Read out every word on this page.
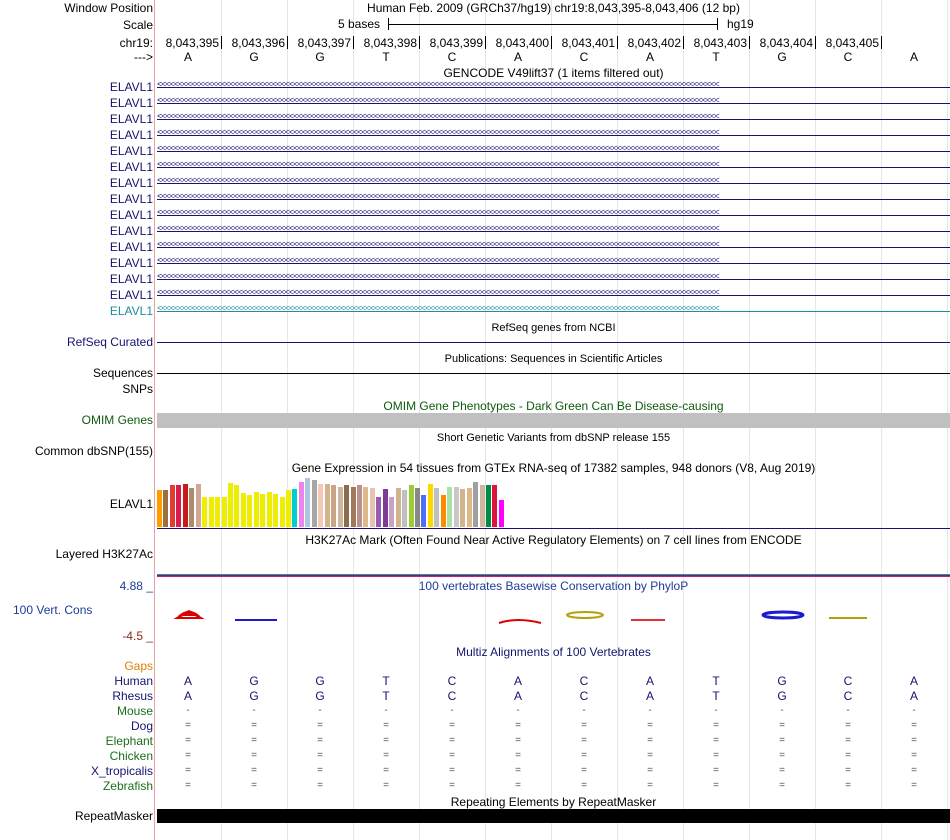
Window Position	Human Feb. 2009 (GRCh37/hg19) chr19:8,043,395-8,043,406 (12 bp)
Scale	5 bases	hg19
chr19:	8,043,395	8,043,396	8,043,397	8,043,398	8,043,399	8,043,400	8,043,401	8,043,402	8,043,403	8,043,404	8,043,405
--->	A	G	G	T	C	A	C	A	T	G	C	A
GENCODE V49lift37 (1 items filtered out)
ELAVL1 <<<<<<<<<<<<<<<<<<<<<<<<<<<<<<<<<<<<<<<<<<<<<<<<<<<<<<<<<<<<<<<<<<<<<<<<<<<<<<<<<<<<<<<<<<<<<<<<<<<<<<<<<<<<<<<<<<<<<<<<<<<<<<<<<<<<
ELAVL1 <<<<<<<<<<<<<<<<<<<<<<<<<<<<<<<<<<<<<<<<<<<<<<<<<<<<<<<<<<<<<<<<<<<<<<<<<<<<<<<<<<<<<<<<<<<<<<<<<<<<<<<<<<<<<<<<<<<<<<<<<<<<<<<<<<<<
ELAVL1 <<<<<<<<<<<<<<<<<<<<<<<<<<<<<<<<<<<<<<<<<<<<<<<<<<<<<<<<<<<<<<<<<<<<<<<<<<<<<<<<<<<<<<<<<<<<<<<<<<<<<<<<<<<<<<<<<<<<<<<<<<<<<<<<<<<<
ELAVL1 <<<<<<<<<<<<<<<<<<<<<<<<<<<<<<<<<<<<<<<<<<<<<<<<<<<<<<<<<<<<<<<<<<<<<<<<<<<<<<<<<<<<<<<<<<<<<<<<<<<<<<<<<<<<<<<<<<<<<<<<<<<<<<<<<<<<
ELAVL1 <<<<<<<<<<<<<<<<<<<<<<<<<<<<<<<<<<<<<<<<<<<<<<<<<<<<<<<<<<<<<<<<<<<<<<<<<<<<<<<<<<<<<<<<<<<<<<<<<<<<<<<<<<<<<<<<<<<<<<<<<<<<<<<<<<<<
ELAVL1 <<<<<<<<<<<<<<<<<<<<<<<<<<<<<<<<<<<<<<<<<<<<<<<<<<<<<<<<<<<<<<<<<<<<<<<<<<<<<<<<<<<<<<<<<<<<<<<<<<<<<<<<<<<<<<<<<<<<<<<<<<<<<<<<<<<<
ELAVL1 <<<<<<<<<<<<<<<<<<<<<<<<<<<<<<<<<<<<<<<<<<<<<<<<<<<<<<<<<<<<<<<<<<<<<<<<<<<<<<<<<<<<<<<<<<<<<<<<<<<<<<<<<<<<<<<<<<<<<<<<<<<<<<<<<<<<
ELAVL1 <<<<<<<<<<<<<<<<<<<<<<<<<<<<<<<<<<<<<<<<<<<<<<<<<<<<<<<<<<<<<<<<<<<<<<<<<<<<<<<<<<<<<<<<<<<<<<<<<<<<<<<<<<<<<<<<<<<<<<<<<<<<<<<<<<<<
ELAVL1 <<<<<<<<<<<<<<<<<<<<<<<<<<<<<<<<<<<<<<<<<<<<<<<<<<<<<<<<<<<<<<<<<<<<<<<<<<<<<<<<<<<<<<<<<<<<<<<<<<<<<<<<<<<<<<<<<<<<<<<<<<<<<<<<<<<<
ELAVL1 <<<<<<<<<<<<<<<<<<<<<<<<<<<<<<<<<<<<<<<<<<<<<<<<<<<<<<<<<<<<<<<<<<<<<<<<<<<<<<<<<<<<<<<<<<<<<<<<<<<<<<<<<<<<<<<<<<<<<<<<<<<<<<<<<<<<
ELAVL1 <<<<<<<<<<<<<<<<<<<<<<<<<<<<<<<<<<<<<<<<<<<<<<<<<<<<<<<<<<<<<<<<<<<<<<<<<<<<<<<<<<<<<<<<<<<<<<<<<<<<<<<<<<<<<<<<<<<<<<<<<<<<<<<<<<<<
ELAVL1 <<<<<<<<<<<<<<<<<<<<<<<<<<<<<<<<<<<<<<<<<<<<<<<<<<<<<<<<<<<<<<<<<<<<<<<<<<<<<<<<<<<<<<<<<<<<<<<<<<<<<<<<<<<<<<<<<<<<<<<<<<<<<<<<<<<<
ELAVL1 <<<<<<<<<<<<<<<<<<<<<<<<<<<<<<<<<<<<<<<<<<<<<<<<<<<<<<<<<<<<<<<<<<<<<<<<<<<<<<<<<<<<<<<<<<<<<<<<<<<<<<<<<<<<<<<<<<<<<<<<<<<<<<<<<<<<
ELAVL1 <<<<<<<<<<<<<<<<<<<<<<<<<<<<<<<<<<<<<<<<<<<<<<<<<<<<<<<<<<<<<<<<<<<<<<<<<<<<<<<<<<<<<<<<<<<<<<<<<<<<<<<<<<<<<<<<<<<<<<<<<<<<<<<<<<<<
ELAVL1 <<<<<<<<<<<<<<<<<<<<<<<<<<<<<<<<<<<<<<<<<<<<<<<<<<<<<<<<<<<<<<<<<<<<<<<<<<<<<<<<<<<<<<<<<<<<<<<<<<<<<<<<<<<<<<<<<<<<<<<<<<<<<<<<<<<<
RefSeq genes from NCBI
RefSeq Curated
Publications: Sequences in Scientific Articles
Sequences
SNPs
OMIM Gene Phenotypes - Dark Green Can Be Disease-causing
OMIM Genes
Short Genetic Variants from dbSNP release 155
Common dbSNP(155)
Gene Expression in 54 tissues from GTEx RNA-seq of 17382 samples, 948 donors (V8, Aug 2019)
ELAVL1
H3K27Ac Mark (Often Found Near Active Regulatory Elements) on 7 cell lines from ENCODE
Layered H3K27Ac
100 vertebrates Basewise Conservation by PhyloP
4.88 _
100 Vert. Cons
-4.5 _
Multiz Alignments of 100 Vertebrates
Gaps
Human	A	G	G	T	C	A	C	A	T	G	C	A
Rhesus	A	G	G	T	C	A	C	A	T	G	C	A
Mouse	-	-	-	-	-	-	-	-	-	-	-	-
Dog	=	=	=	=	=	=	=	=	=	=	=	=
Elephant	=	=	=	=	=	=	=	=	=	=	=	=
Chicken	=	=	=	=	=	=	=	=	=	=	=	=
X_tropicalis	=	=	=	=	=	=	=	=	=	=	=	=
Zebrafish	=	=	=	=	=	=	=	=	=	=	=	=
Repeating Elements by RepeatMasker
RepeatMasker
